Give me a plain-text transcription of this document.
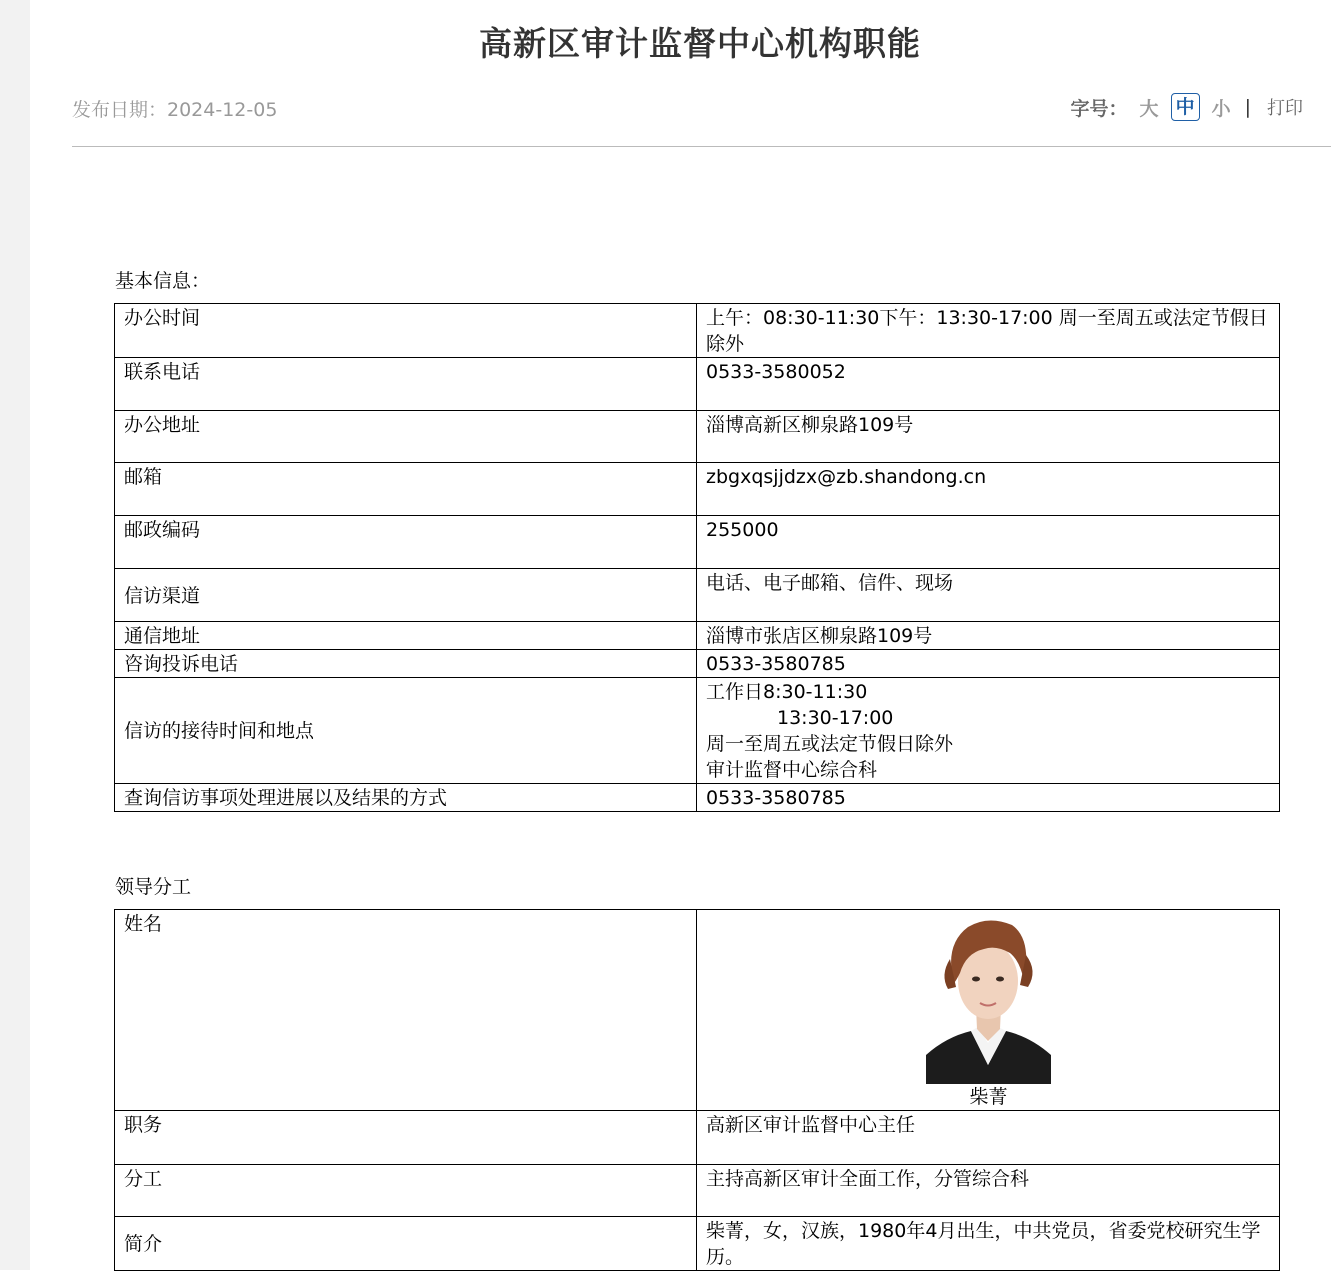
高新区审计监督中心机构职能
发布日期：2024-12-05	字号： 大 中 小 | 打印
基本信息：
办公时间	上午：08:30-11:30下午：13:30-17:00 周一至周五或法定节假日除外
联系电话	0533-3580052
办公地址	淄博高新区柳泉路109号
邮箱	zbgxqsjjdzx@zb.shandong.cn
邮政编码	255000
信访渠道	电话、电子邮箱、信件、现场
通信地址	淄博市张店区柳泉路109号
咨询投诉电话	0533-3580785
信访的接待时间和地点	工作日8:30-11:30
13:30-17:00
周一至周五或法定节假日除外
审计监督中心综合科

查询信访事项处理进展以及结果的方式	0533-3580785
领导分工
姓名	柴菁

职务	高新区审计监督中心主任
分工	主持高新区审计全面工作，分管综合科
简介	柴菁，女，汉族，1980年4月出生，中共党员，省委党校研究生学历。
